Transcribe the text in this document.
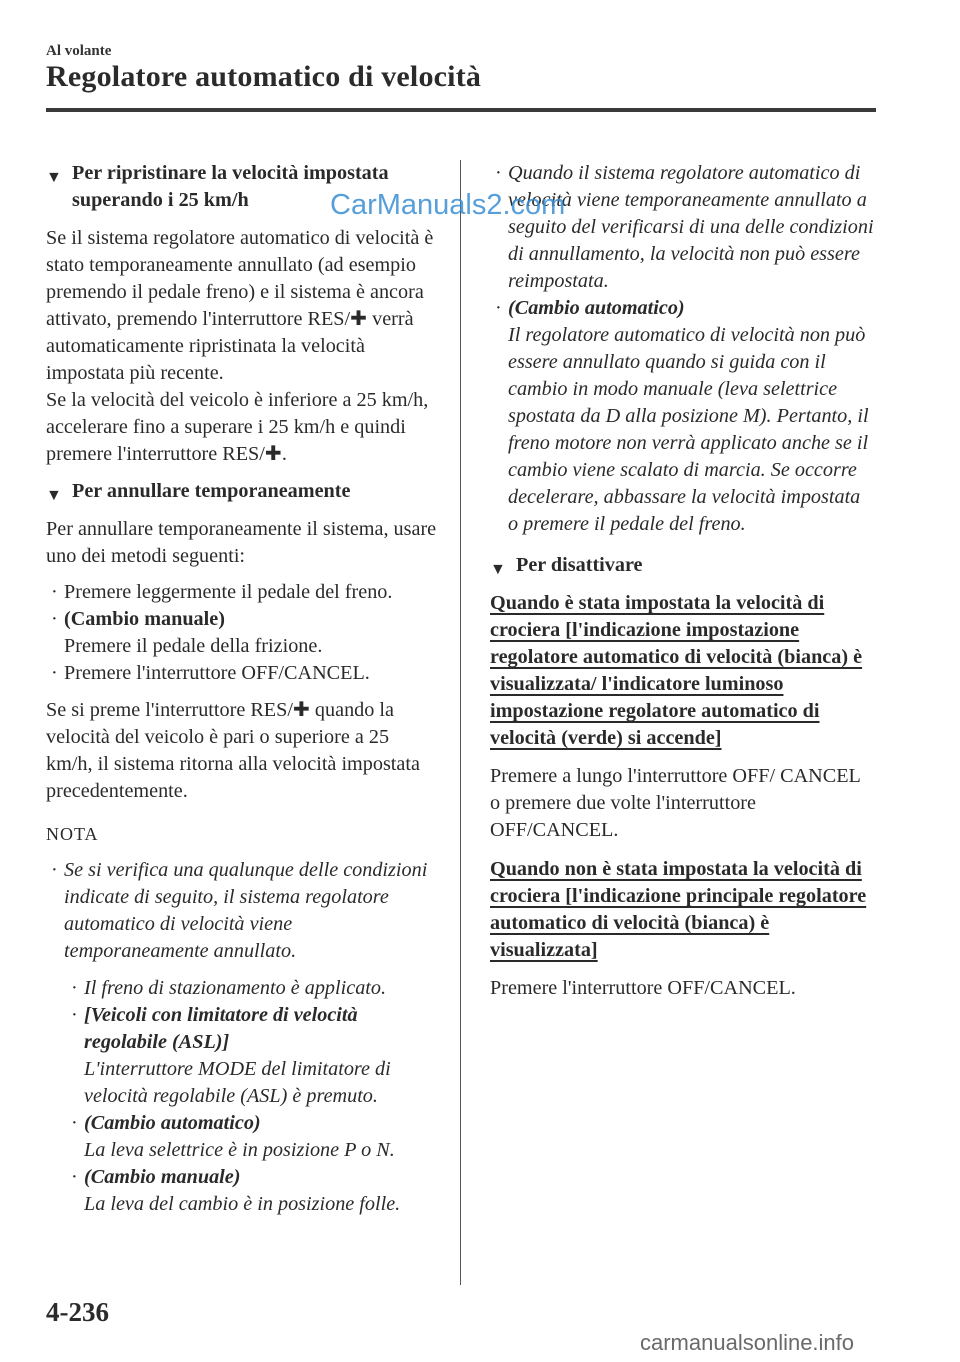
Al volante
Regolatore automatico di velocità
▼ Per ripristinare la velocità impostata superando i 25 km/h

Se il sistema regolatore automatico di velocità è stato temporaneamente annullato (ad esempio premendo il pedale freno) e il sistema è ancora attivato, premendo l'interruttore RES/✚ verrà automaticamente ripristinata la velocità impostata più recente.

Se la velocità del veicolo è inferiore a 25 km/h, accelerare fino a superare i 25 km/h e quindi premere l'interruttore RES/✚.

▼ Per annullare temporaneamente

Per annullare temporaneamente il sistema, usare uno dei metodi seguenti:

· Premere leggermente il pedale del freno.
· (Cambio manuale)
Premere il pedale della frizione.
· Premere l'interruttore OFF/CANCEL.

Se si preme l'interruttore RES/✚ quando la velocità del veicolo è pari o superiore a 25 km/h, il sistema ritorna alla velocità impostata precedentemente.

NOTA
· Se si verifica una qualunque delle condizioni indicate di seguito, il sistema regolatore automatico di velocità viene temporaneamente annullato.
· Il freno di stazionamento è applicato.
· [Veicoli con limitatore di velocità regolabile (ASL)]
L'interruttore MODE del limitatore di velocità regolabile (ASL) è premuto.
· (Cambio automatico)
La leva selettrice è in posizione P o N.
· (Cambio manuale)
La leva del cambio è in posizione folle.
· Quando il sistema regolatore automatico di velocità viene temporaneamente annullato a seguito del verificarsi di una delle condizioni di annullamento, la velocità non può essere reimpostata.
· (Cambio automatico)
Il regolatore automatico di velocità non può essere annullato quando si guida con il cambio in modo manuale (leva selettrice spostata da D alla posizione M). Pertanto, il freno motore non verrà applicato anche se il cambio viene scalato di marcia. Se occorre decelerare, abbassare la velocità impostata o premere il pedale del freno.
▼ Per disattivare
Quando è stata impostata la velocità di crociera [l'indicazione impostazione regolatore automatico di velocità (bianca) è visualizzata/ l'indicatore luminoso impostazione regolatore automatico di velocità (verde) si accende]

Premere a lungo l'interruttore OFF/ CANCEL o premere due volte l'interruttore OFF/CANCEL.

Quando non è stata impostata la velocità di crociera [l'indicazione principale regolatore automatico di velocità (bianca) è visualizzata]

Premere l'interruttore OFF/CANCEL.

CarManuals2.com
4-236
carmanualsonline.info
